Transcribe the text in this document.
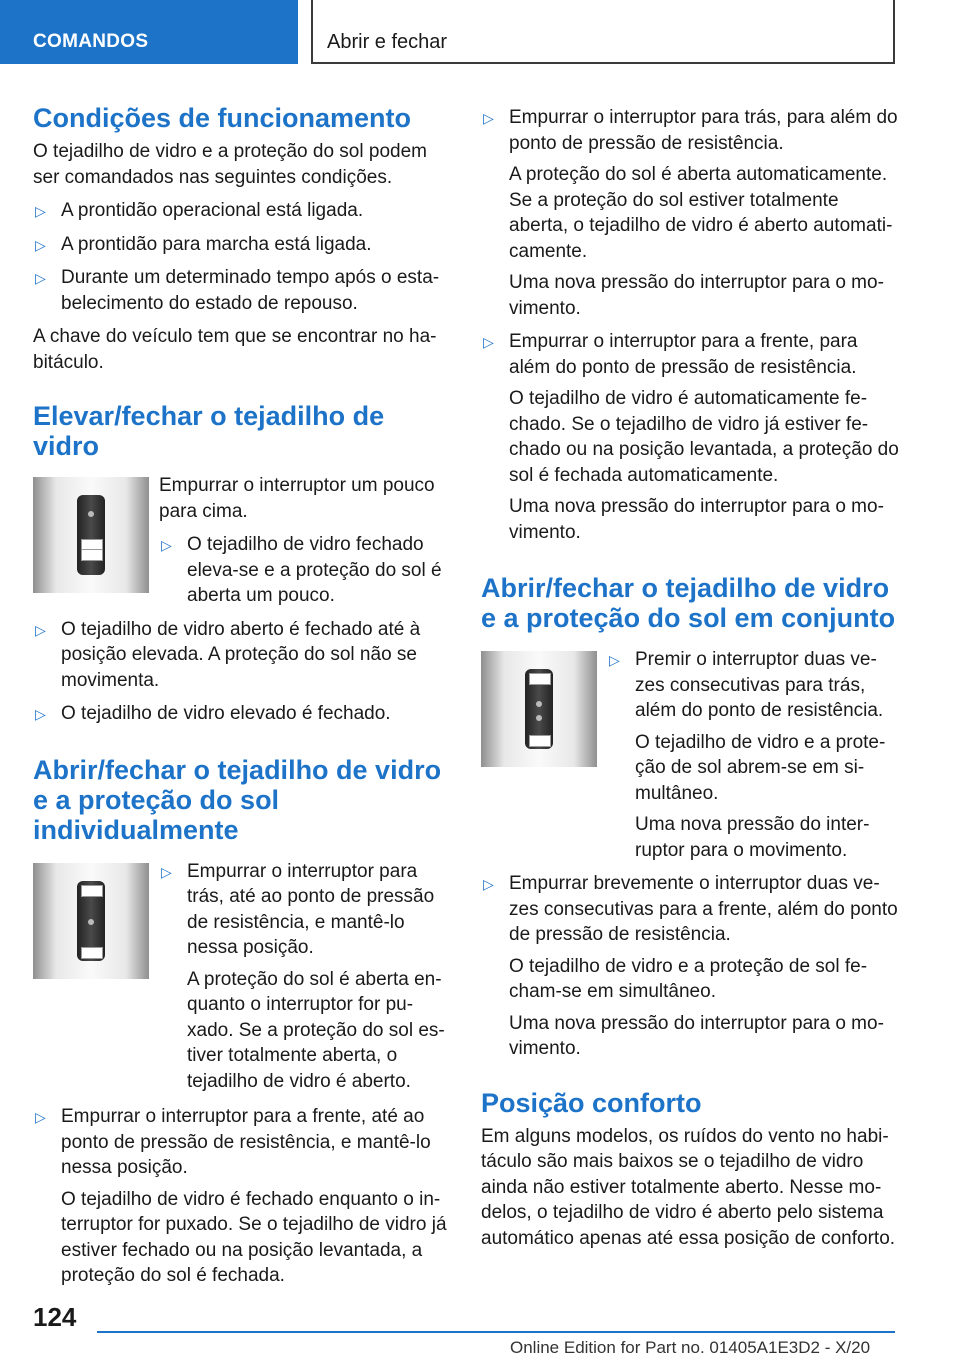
COMANDOS	Abrir e fechar
Condições de funcionamento

O tejadilho de vidro e a proteção do sol podem ser comandados nas seguintes condições.

▷ A prontidão operacional está ligada.
▷ A prontidão para marcha está ligada.
▷ Durante um determinado tempo após o esta-belecimento do estado de repouso.

A chave do veículo tem que se encontrar no ha-bitáculo.

Elevar/fechar o tejadilho de vidro

Empurrar o interruptor um pouco para cima.

▷ O tejadilho de vidro fechado eleva-se e a proteção do sol é aberta um pouco.
▷ O tejadilho de vidro aberto é fechado até à posição elevada. A proteção do sol não se movimenta.
▷ O tejadilho de vidro elevado é fechado.
Abrir/fechar o tejadilho de vidro e a proteção do sol individualmente
▷ Empurrar o interruptor para trás, até ao ponto de pressão de resistência, e mantê-lo nessa posição.
A proteção do sol é aberta en-quanto o interruptor for pu-xado. Se a proteção do sol es-tiver totalmente aberta, o tejadilho de vidro é aberto.
▷ Empurrar o interruptor para a frente, até ao ponto de pressão de resistência, e mantê-lo nessa posição.
O tejadilho de vidro é fechado enquanto o in-terruptor for puxado. Se o tejadilho de vidro já estiver fechado ou na posição levantada, a proteção do sol é fechada.
▷ Empurrar o interruptor para trás, para além do ponto de pressão de resistência.
A proteção do sol é aberta automaticamente. Se a proteção do sol estiver totalmente aberta, o tejadilho de vidro é aberto automati-camente.
Uma nova pressão do interruptor para o mo-vimento.
▷ Empurrar o interruptor para a frente, para além do ponto de pressão de resistência.
O tejadilho de vidro é automaticamente fe-chado. Se o tejadilho de vidro já estiver fe-chado ou na posição levantada, a proteção do sol é fechada automaticamente.
Uma nova pressão do interruptor para o mo-vimento.
Abrir/fechar o tejadilho de vidro e a proteção do sol em conjunto
▷ Premir o interruptor duas ve-zes consecutivas para trás, além do ponto de resistência.
O tejadilho de vidro e a prote-ção de sol abrem-se em si-multâneo.
Uma nova pressão do inter-ruptor para o movimento.
▷ Empurrar brevemente o interruptor duas ve-zes consecutivas para a frente, além do ponto de pressão de resistência.
O tejadilho de vidro e a proteção de sol fe-cham-se em simultâneo.
Uma nova pressão do interruptor para o mo-vimento.
Posição conforto

Em alguns modelos, os ruídos do vento no habi-táculo são mais baixos se o tejadilho de vidro ainda não estiver totalmente aberto. Nesse mo-delos, o tejadilho de vidro é aberto pelo sistema automático apenas até essa posição de conforto.

124
Online Edition for Part no. 01405A1E3D2 - X/20
